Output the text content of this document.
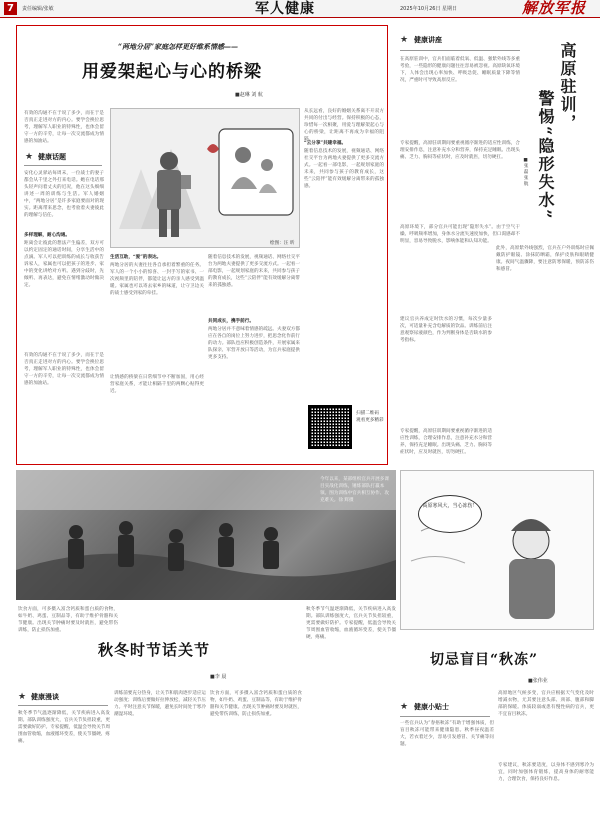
7	责任编辑/张敏	军人健康	2025年10月26日 星期日	解放军报
“两地分居”家庭怎样更好维系情感——
用爱架起心与心的桥梁
■赵琳 刘 航
★ 健康话题
有效的沟通不在于说了多少，而在于是否真正走进对方的内心。要学会换位思考，理解军人职业的特殊性，也体会留守一方的辛劳，让每一次交流都成为情感的加油站。
安化心灵驿站每周末，一位战士的妻子都会从千里之外打来电话。她在电话那头轻声问着丈夫的近况，他在这头细细讲述一周的训练与生活。军人婚姻中，“两地分居”是许多家庭要面对的现实。距离带来思念，也考验着夫妻彼此的理解与信任。
多样理解，耐心沟通。
距离会让彼此的想法产生偏差，双方可以约定固定的通话时间，分享生活中的点滴。军人可以把训练的成长与收获告诉家人，家属也可以把孩子的进步、家中的变化讲给对方听。遇到分歧时，先倾听、再表达，避免在情绪激动时做决定。
有效的沟通不在于说了多少，而在于是否真正走进对方的内心。要学会换位思考，理解军人职业的特殊性，也体会留守一方的辛劳，让每一次交流都成为情感的加油站。
绘图：汪 昕
生活互助，“爱”的表达。
两地分居的夫妻往往各自承担着繁重的任务。军人的一个小小的惊喜、一封手写的家书、一次视频里的陪伴，都能让远方的亲人感受到温暖。家属也可以寄去家乡的味道，让守卫边关的战士感受到家的牵挂。
让情感的桥梁在日常细节中不断加固，用心经营家庭关系，才能让相隔千里的两颗心贴得更近。
随着信息技术的发展，视频通话、网络社交平台为两地夫妻提供了更多交流方式。一起看一部电影，一起规划家庭的未来，共同参与孩子的教育成长，这些“云陪伴”能有效缓解分离带来的孤独感。
共同成长，携手前行。
两地分居并不意味着情感的疏远。夫妻双方都应在各自的岗位上努力进步，把思念化作前行的动力。部队也应积极创造条件，开展家属来队探亲、军营开放日等活动，为官兵家庭提供更多支持。
从长远看，良好的婚姻关系离不开双方共同的付出与经营。保持积极的心态，珍惜每一次相聚，用爱与理解架起心与心的桥梁，让距离不再成为幸福的阻隔。
“云分享”共建幸福。
随着信息技术的发展，视频通话、网络社交平台为两地夫妻提供了更多交流方式。一起看一部电影，一起规划家庭的未来，共同参与孩子的教育成长，这些“云陪伴”能有效缓解分离带来的孤独感。
扫描二维码 观看更多精彩
★ 健康讲座
在高原驻训中，官兵们面临着低氧、低温、强紫外线等多重考验，一些隐形的健康问题往往容易被忽视。高原缺氧环境下，人体会出现心率加快、呼吸急促、睡眠质量下降等情况，严重时可导致高原反应。
专家提醒，高原驻训期间要重视循序渐进的适应性训练，合理安排作息，注意补充水分和营养，保持充足睡眠。出现头痛、乏力、胸闷等症状时，应及时就医，切勿硬扛。
高原环境下，部分官兵可能出现“隐形失水”。由于空气干燥、呼吸频率增加，身体水分流失速度加快，但口渴感却不明显，容易导致脱水，影响体能和认知功能。
建议官兵养成定时饮水的习惯，每次少量多次，可适量补充含电解质的饮品。训练前后注意观察尿液颜色，作为判断身体是否缺水的参考指标。
此外，高原紫外线强烈，官兵在户外训练时应佩戴防护眼镜、涂抹防晒霜，保护皮肤和眼睛健康。夜间气温骤降，要注意防寒保暖，预防冻伤和感冒。
专家提醒，高原驻训期间要重视循序渐进的适应性训练，合理安排作息，注意补充水分和营养，保持充足睡眠。出现头痛、乏力、胸闷等症状时，应及时就医，切勿硬扛。
高原驻训，
警惕“隐形失水”
■张 磊 张 航
今年以来，某部组织官兵开展多课目实战化训练，锤炼部队打赢本领。图为训练中官兵相互协作、攻克难关。徐 辉摄
高原寒风大，当心冻伤！
切忌盲目“秋冻”
■张伟业
秋冬时节话关节
■李 晨
饮食方面，可多摄入富含钙质和蛋白质的食物，如牛奶、鸡蛋、豆制品等，有助于维护骨骼和关节健康。出现关节肿痛时要及时就医，避免带伤训练，防止损伤加重。
★ 健康漫谈
秋冬季节气温逐渐降低，关节疾病进入高发期。部队训练强度大，官兵关节负担较重，更需要做好防护。专家提醒，低温会导致关节周围血管收缩，血液循环变差，使关节僵硬、疼痛。
训练前要充分热身，让关节和肌肉逐步适应运动强度；训练后要做好拉伸放松，减轻关节压力。平时注意关节保暖，避免长时间处于寒冷潮湿环境。
饮食方面，可多摄入富含钙质和蛋白质的食物，如牛奶、鸡蛋、豆制品等，有助于维护骨骼和关节健康。出现关节肿痛时要及时就医，避免带伤训练，防止损伤加重。
秋冬季节气温逐渐降低，关节疾病进入高发期。部队训练强度大，官兵关节负担较重，更需要做好防护。专家提醒，低温会导致关节周围血管收缩，血液循环变差，使关节僵硬、疼痛。
★ 健康小贴士
一些官兵认为“春捂秋冻”有助于增强体质，但盲目秋冻可能带来健康隐患。秋季昼夜温差大，若衣着过少，容易引发感冒、关节痛等问题。
高原地区气候多变，官兵应根据天气变化及时增减衣物，尤其要注意头部、颈部、腹部和脚部的保暖。体质较弱或患有慢性病的官兵，更不宜盲目秋冻。
专家建议，秋冻要适度，以身体不感到寒冷为宜，同时加强体育锻炼，提高身体的耐寒能力，合理饮食，保持良好作息。
